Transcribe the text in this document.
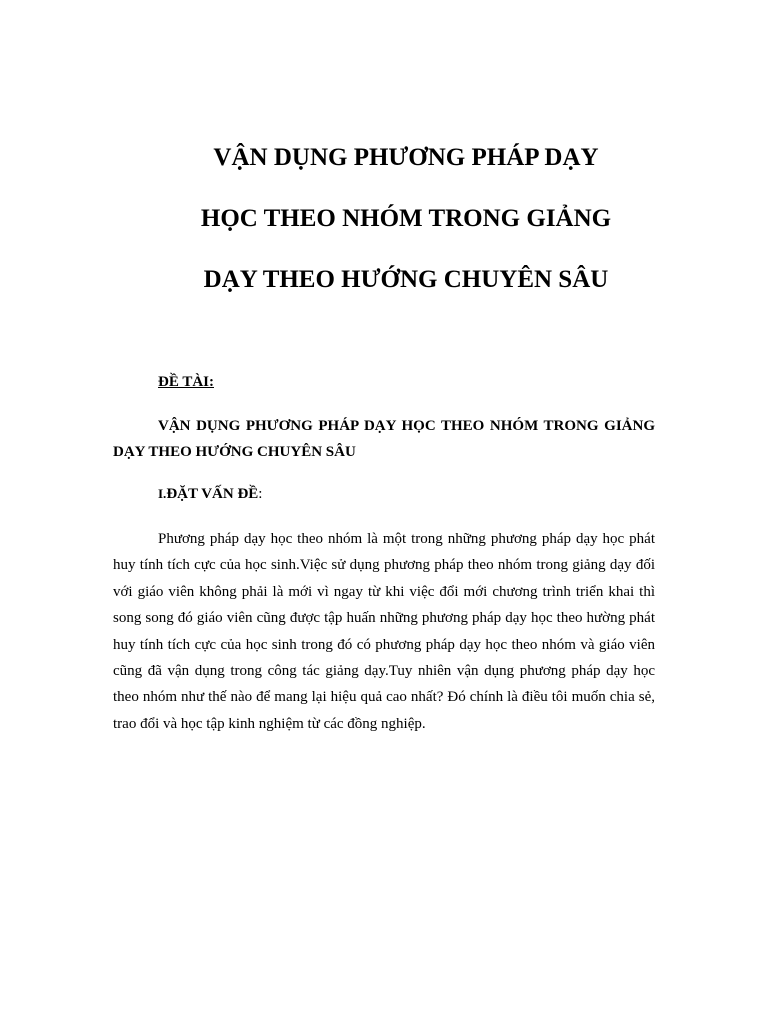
VẬN DỤNG PHƯƠNG PHÁP DẠY
HỌC THEO NHÓM TRONG GIẢNG
DẠY THEO HƯỚNG CHUYÊN SÂU
ĐỀ TÀI:
VẬN DỤNG PHƯƠNG PHÁP DẠY HỌC THEO NHÓM TRONG GIẢNG DẠY THEO HƯỚNG CHUYÊN SÂU
I.ĐẶT VẤN ĐỀ:

Phương pháp dạy học theo nhóm là một trong những phương pháp dạy học phát huy tính tích cực của học sinh.Việc sử dụng phương pháp theo nhóm trong giảng dạy đối với giáo viên không phải là mới vì ngay từ khi việc đổi mới chương trình triển khai thì song song đó giáo viên cũng được tập huấn những phương pháp dạy học theo hường phát huy tính tích cực của học sinh trong đó có phương pháp dạy học theo nhóm và giáo viên cũng đã vận dụng trong công tác giảng dạy.Tuy nhiên vận dụng phương pháp dạy học theo nhóm như thế nào để mang lại hiệu quả cao nhất? Đó chính là điều tôi muốn chia sẻ, trao đổi và học tập kinh nghiệm từ các đồng nghiệp.
